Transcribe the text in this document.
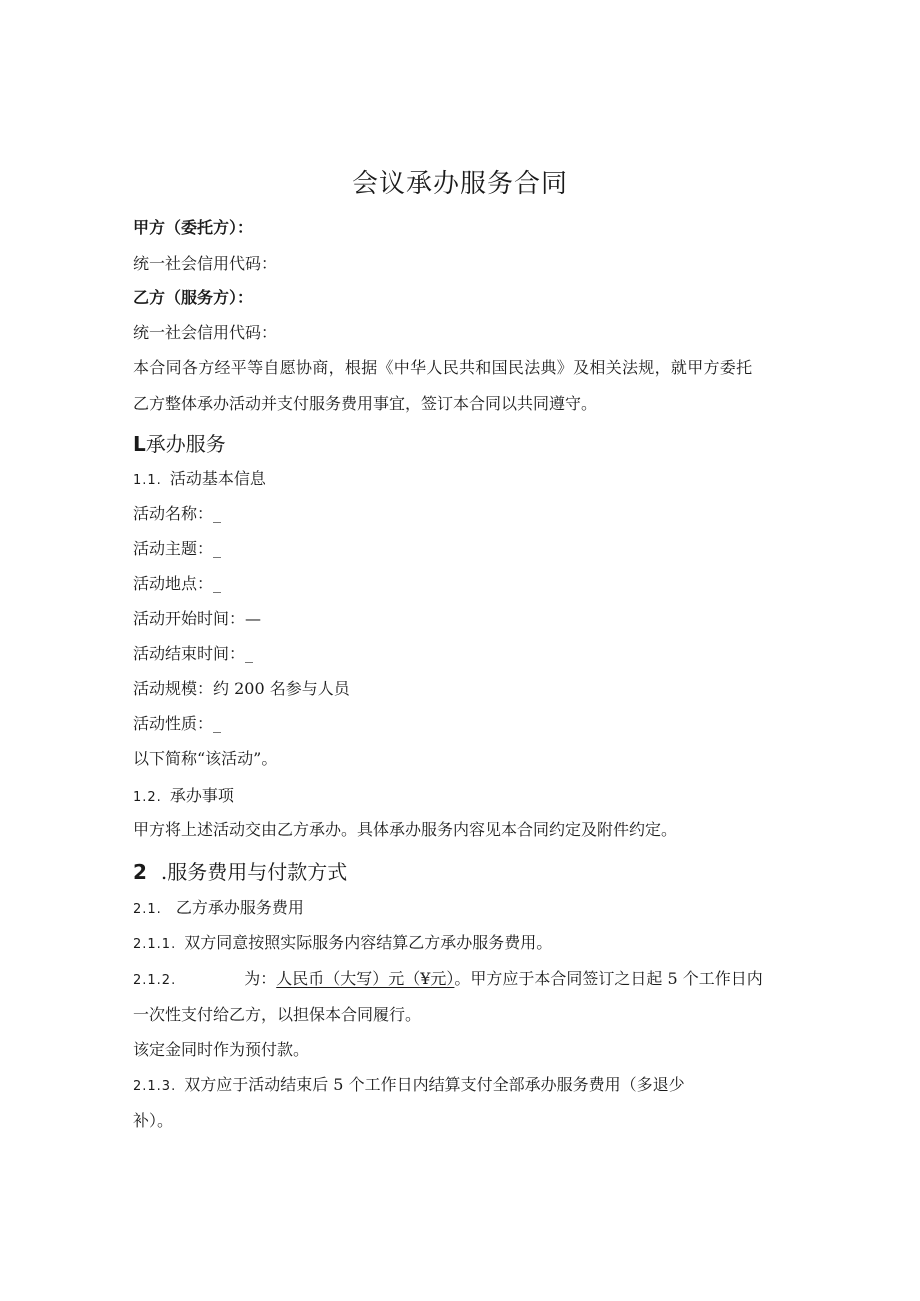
会议承办服务合同
甲方（委托方）：
统一社会信用代码：
乙方（服务方）：
统一社会信用代码：
本合同各方经平等自愿协商，根据《中华人民共和国民法典》及相关法规，就甲方委托
乙方整体承办活动并支付服务费用事宜，签订本合同以共同遵守。
L承办服务
1.1. 活动基本信息
活动名称：_
活动主题：_
活动地点：_
活动开始时间：—
活动结束时间：_
活动规模：约 200 名参与人员
活动性质：_
以下简称“该活动”。
1.2. 承办事项
甲方将上述活动交由乙方承办。具体承办服务内容见本合同约定及附件约定。
2 .服务费用与付款方式
2.1. 乙方承办服务费用
2.1.1. 双方同意按照实际服务内容结算乙方承办服务费用。
2.1.2.	为：人民币（大写）元（¥元）。甲方应于本合同签订之日起 5 个工作日内
一次性支付给乙方，以担保本合同履行。
该定金同时作为预付款。
2.1.3. 双方应于活动结束后 5 个工作日内结算支付全部承办服务费用（多退少
补）。
